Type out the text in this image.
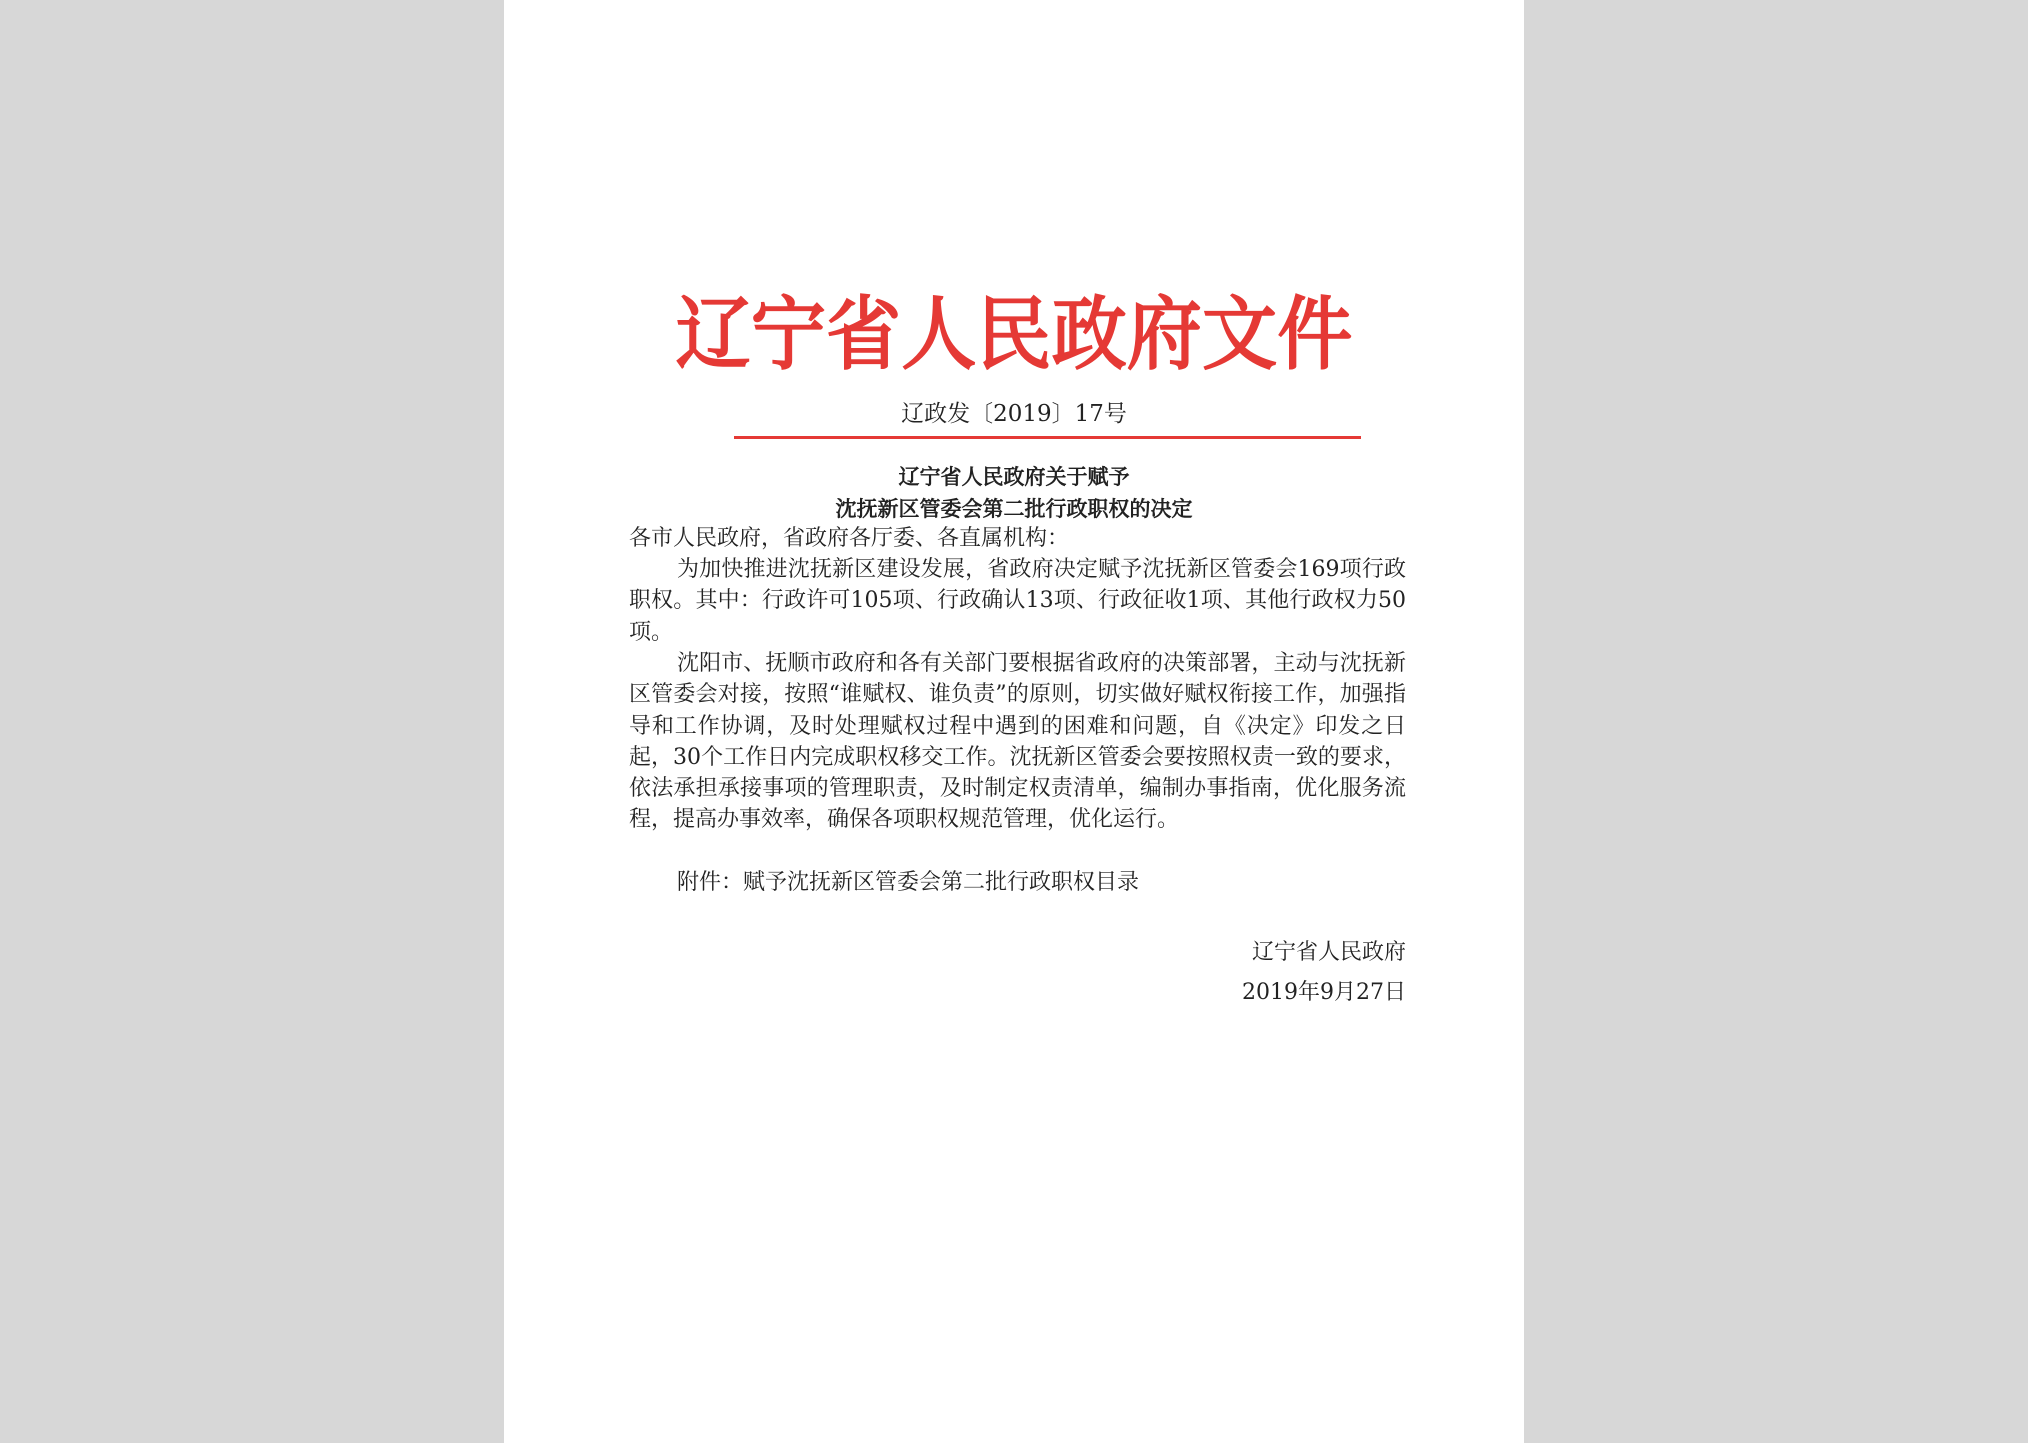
辽宁省人民政府文件
辽政发〔2019〕17号
辽宁省人民政府关于赋予
沈抚新区管委会第二批行政职权的决定
各市人民政府，省政府各厅委、各直属机构：
为加快推进沈抚新区建设发展，省政府决定赋予沈抚新区管委会169项行政职权。其中：行政许可105项、行政确认13项、行政征收1项、其他行政权力50项。
沈阳市、抚顺市政府和各有关部门要根据省政府的决策部署，主动与沈抚新区管委会对接，按照“谁赋权、谁负责”的原则，切实做好赋权衔接工作，加强指导和工作协调，及时处理赋权过程中遇到的困难和问题，自《决定》印发之日起，30个工作日内完成职权移交工作。沈抚新区管委会要按照权责一致的要求，依法承担承接事项的管理职责，及时制定权责清单，编制办事指南，优化服务流程，提高办事效率，确保各项职权规范管理，优化运行。
附件：赋予沈抚新区管委会第二批行政职权目录
辽宁省人民政府
2019年9月27日
